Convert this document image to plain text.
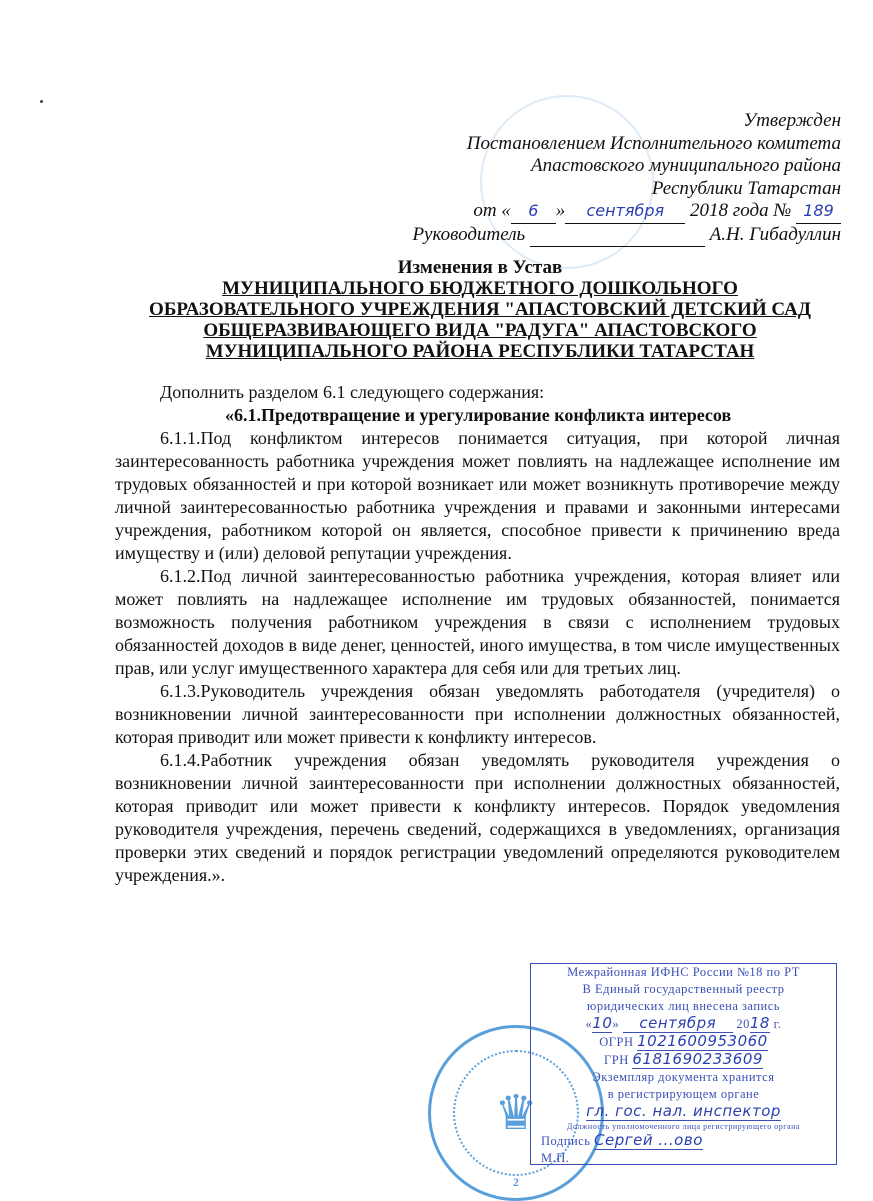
Утвержден
Постановлением Исполнительного комитета
Апастовского муниципального района
Республики Татарстан
от « 6 » сентября 2018 года № 189
Руководитель	А.Н. Гибадуллин
Изменения в Устав
МУНИЦИПАЛЬНОГО БЮДЖЕТНОГО ДОШКОЛЬНОГО
ОБРАЗОВАТЕЛЬНОГО УЧРЕЖДЕНИЯ "АПАСТОВСКИЙ ДЕТСКИЙ САД
ОБЩЕРАЗВИВАЮЩЕГО ВИДА "РАДУГА" АПАСТОВСКОГО
МУНИЦИПАЛЬНОГО РАЙОНА РЕСПУБЛИКИ ТАТАРСТАН

Дополнить разделом 6.1 следующего содержания:

«6.1.Предотвращение и урегулирование конфликта интересов

6.1.1.Под конфликтом интересов понимается ситуация, при которой личная заинтересованность работника учреждения может повлиять на надлежащее исполнение им трудовых обязанностей и при которой возникает или может возникнуть противоречие между личной заинтересованностью работника учреждения и правами и законными интересами учреждения, работником которой он является, способное привести к причинению вреда имуществу и (или) деловой репутации учреждения.

6.1.2.Под личной заинтересованностью работника учреждения, которая влияет или может повлиять на надлежащее исполнение им трудовых обязанностей, понимается возможность получения работником учреждения в связи с исполнением трудовых обязанностей доходов в виде денег, ценностей, иного имущества, в том числе имущественных прав, или услуг имущественного характера для себя или для третьих лиц.

6.1.3.Руководитель учреждения обязан уведомлять работодателя (учредителя) о возникновении личной заинтересованности при исполнении должностных обязанностей, которая приводит или может привести к конфликту интересов.

6.1.4.Работник учреждения обязан уведомлять руководителя учреждения о возникновении личной заинтересованности при исполнении должностных обязанностей, которая приводит или может привести к конфликту интересов. Порядок уведомления руководителя учреждения, перечень сведений, содержащихся в уведомлениях, организация проверки этих сведений и порядок регистрации уведомлений определяются руководителем учреждения.».

♛
2
Межрайонная ИФНС России №18 по РТ
В Единый государственный реестр
юридических лиц внесена запись
«10» сентября 2018 г.
ОГРН 1021600953060
ГРН 6181690233609
Экземпляр документа хранится
в регистрирующем органе
гл. гос. нал. инспектор
Должность уполномоченного лица регистрирующего органа
Подпись Сергей ...ово
М.П.
